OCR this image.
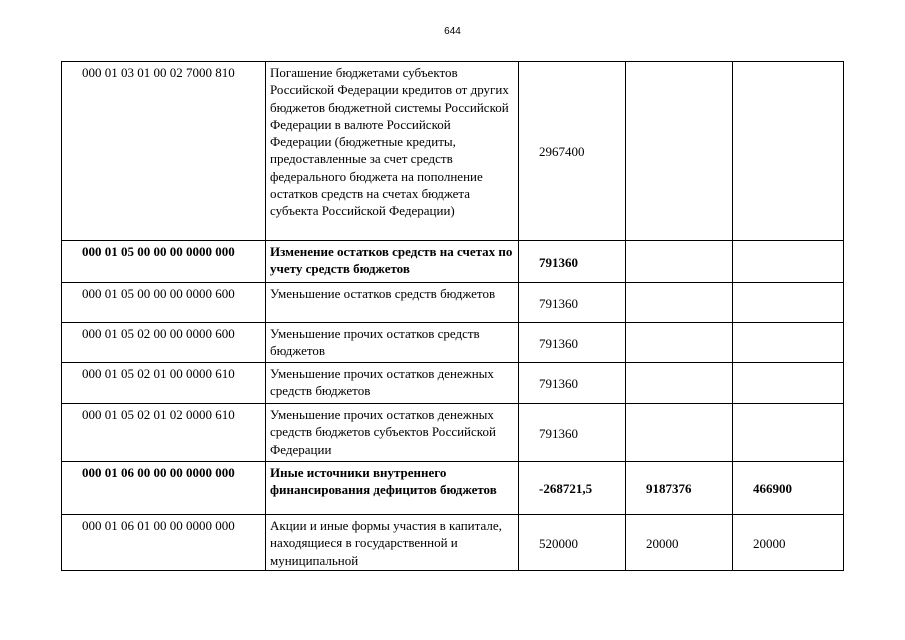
644
000 01 03 01 00 02 7000 810	Погашение бюджетами субъектов Российской Федерации кредитов от других бюджетов бюджетной системы Российской Федерации в валюте Российской Федерации (бюджетные кредиты, предоставленные за счет средств федерального бюджета на пополнение остатков средств на счетах бюджета субъекта Российской Федерации)	2967400		
000 01 05 00 00 00 0000 000	Изменение остатков средств на счетах по учету средств бюджетов	791360		
000 01 05 00 00 00 0000 600	Уменьшение остатков средств бюджетов	791360		
000 01 05 02 00 00 0000 600	Уменьшение прочих остатков средств бюджетов	791360		
000 01 05 02 01 00 0000 610	Уменьшение прочих остатков денежных средств бюджетов	791360		
000 01 05 02 01 02 0000 610	Уменьшение прочих остатков денежных средств бюджетов субъектов Российской Федерации	791360		
000 01 06 00 00 00 0000 000	Иные источники внутреннего финансирования дефицитов бюджетов	-268721,5	9187376	466900
000 01 06 01 00 00 0000 000	Акции и иные формы участия в капитале, находящиеся в государственной и муниципальной	520000	20000	20000
